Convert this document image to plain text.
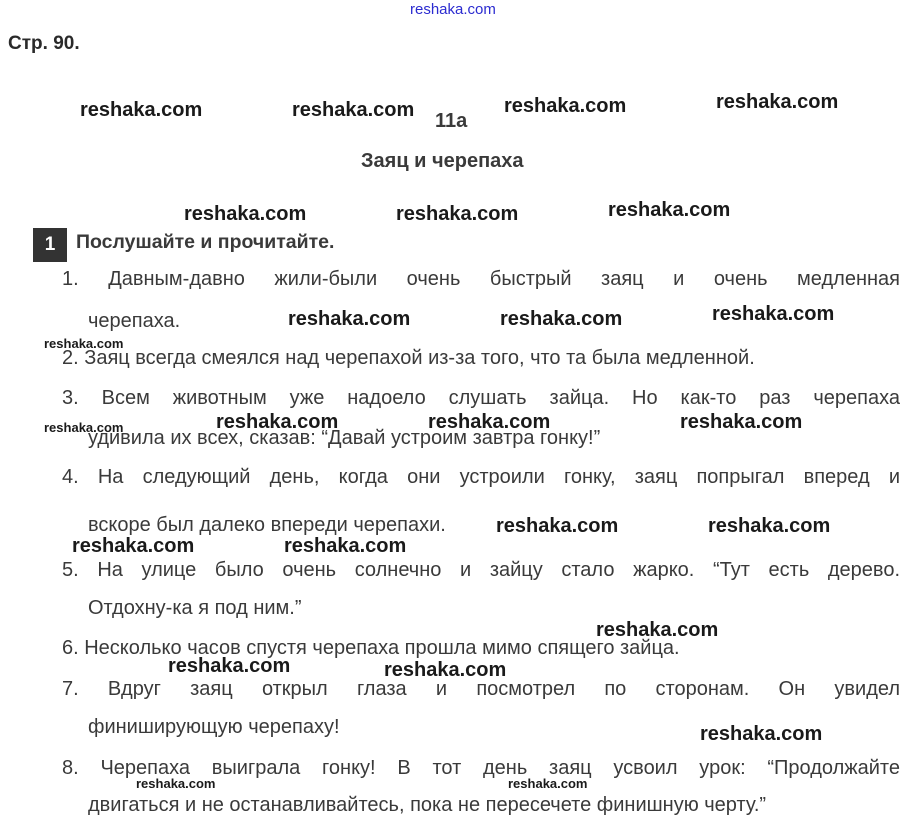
reshaka.com
Стр. 90.
11a
Заяц и черепаха
1	Послушайте и прочитайте.
1. Давным-давно жили-были очень быстрый заяц и очень медленная
черепаха.
2. Заяц всегда смеялся над черепахой из-за того, что та была медленной.
3. Всем животным уже надоело слушать зайца. Но как-то раз черепаха
удивила их всех, сказав: “Давай устроим завтра гонку!”
4. На следующий день, когда они устроили гонку, заяц попрыгал вперед и
вскоре был далеко впереди черепахи.
5. На улице было очень солнечно и зайцу стало жарко. “Тут есть дерево.
Отдохну-ка я под ним.”
6. Несколько часов спустя черепаха прошла мимо спящего зайца.
7. Вдруг заяц открыл глаза и посмотрел по сторонам. Он увидел
финиширующую черепаху!
8. Черепаха выиграла гонку! В тот день заяц усвоил урок: “Продолжайте
двигаться и не останавливайтесь, пока не пересечете финишную черту.”
reshaka.com	reshaka.com	reshaka.com	reshaka.com
reshaka.com	reshaka.com	reshaka.com
reshaka.com	reshaka.com	reshaka.com
reshaka.com	reshaka.com	reshaka.com
reshaka.com	reshaka.com
reshaka.com	reshaka.com
reshaka.com
reshaka.com	reshaka.com
reshaka.com
reshaka.com
reshaka.com
reshaka.com	reshaka.com
